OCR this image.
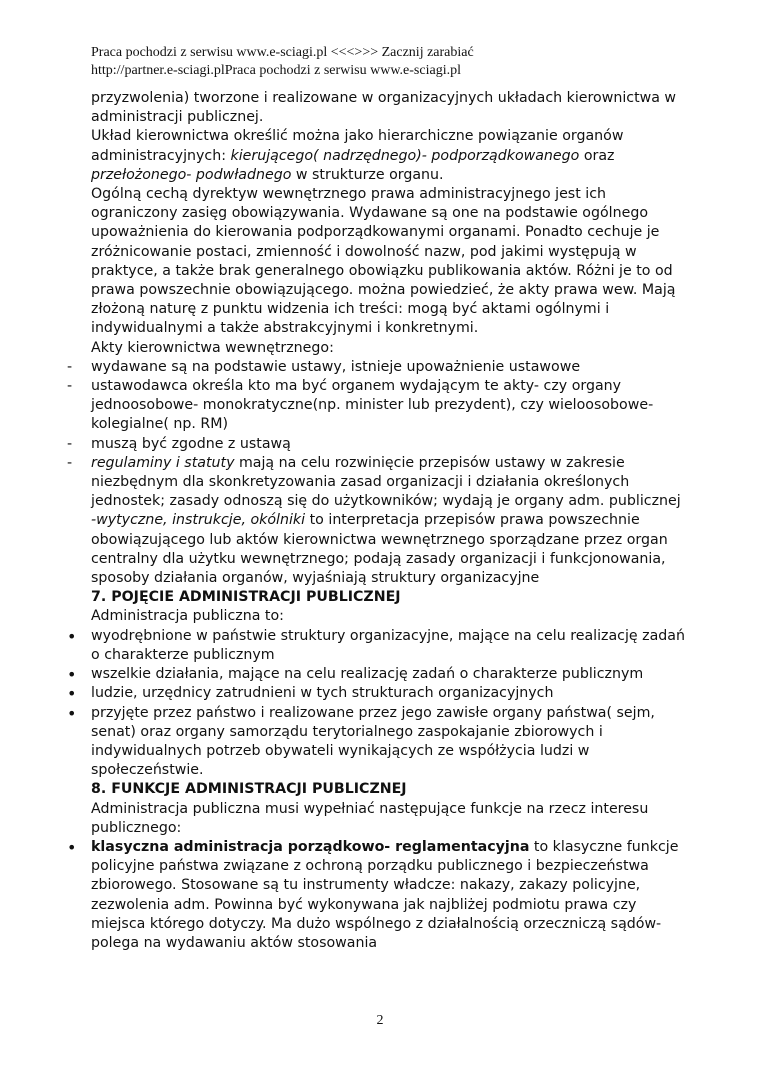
Praca pochodzi z serwisu www.e-sciagi.pl <<<>>> Zacznij zarabiać
http://partner.e-sciagi.plPraca pochodzi z serwisu www.e-sciagi.pl

przyzwolenia) tworzone i realizowane w organizacyjnych układach kierownictwa w administracji publicznej.

Układ kierownictwa określić można jako hierarchiczne powiązanie organów administracyjnych: kierującego( nadrzędnego)- podporządkowanego oraz przełożonego- podwładnego w strukturze organu.

Ogólną cechą dyrektyw wewnętrznego prawa administracyjnego jest ich ograniczony zasięg obowiązywania. Wydawane są one na podstawie ogólnego upoważnienia do kierowania podporządkowanymi organami. Ponadto cechuje je zróżnicowanie postaci, zmienność i dowolność nazw, pod jakimi występują w praktyce, a także brak generalnego obowiązku publikowania aktów. Różni je to od prawa powszechnie obowiązującego. można powiedzieć, że akty prawa wew. Mają złożoną naturę z punktu widzenia ich treści: mogą być aktami ogólnymi i indywidualnymi a także abstrakcyjnymi i konkretnymi.

Akty kierownictwa wewnętrznego:

- wydawane są na podstawie ustawy, istnieje upoważnienie ustawowe
- ustawodawca określa kto ma być organem wydającym te akty- czy organy jednoosobowe- monokratyczne(np. minister lub prezydent), czy wieloosobowe- kolegialne( np. RM)
- muszą być zgodne z ustawą
- regulaminy i statuty mają na celu rozwinięcie przepisów ustawy w zakresie niezbędnym dla skonkretyzowania zasad organizacji i działania określonych jednostek; zasady odnoszą się do użytkowników; wydają je organy adm. publicznej
-wytyczne, instrukcje, okólniki to interpretacja przepisów prawa powszechnie obowiązującego lub aktów kierownictwa wewnętrznego sporządzane przez organ centralny dla użytku wewnętrznego; podają zasady organizacji i funkcjonowania, sposoby działania organów, wyjaśniają struktury organizacyjne

7. POJĘCIE ADMINISTRACJI PUBLICZNEJ

Administracja publiczna to:

• wyodrębnione w państwie struktury organizacyjne, mające na celu realizację zadań o charakterze publicznym
• wszelkie działania, mające na celu realizację zadań o charakterze publicznym
• ludzie, urzędnicy zatrudnieni w tych strukturach organizacyjnych
• przyjęte przez państwo i realizowane przez jego zawisłe organy państwa( sejm, senat) oraz organy samorządu terytorialnego zaspokajanie zbiorowych i indywidualnych potrzeb obywateli wynikających ze współżycia ludzi w społeczeństwie.

8. FUNKCJE ADMINISTRACJI PUBLICZNEJ

Administracja publiczna musi wypełniać następujące funkcje na rzecz interesu publicznego:

• klasyczna administracja porządkowo- reglamentacyjna to klasyczne funkcje policyjne państwa związane z ochroną porządku publicznego i bezpieczeństwa zbiorowego. Stosowane są tu instrumenty władcze: nakazy, zakazy policyjne, zezwolenia adm. Powinna być wykonywana jak najbliżej podmiotu prawa czy miejsca którego dotyczy. Ma dużo wspólnego z działalnością orzeczniczą sądów- polega na wydawaniu aktów stosowania
2
